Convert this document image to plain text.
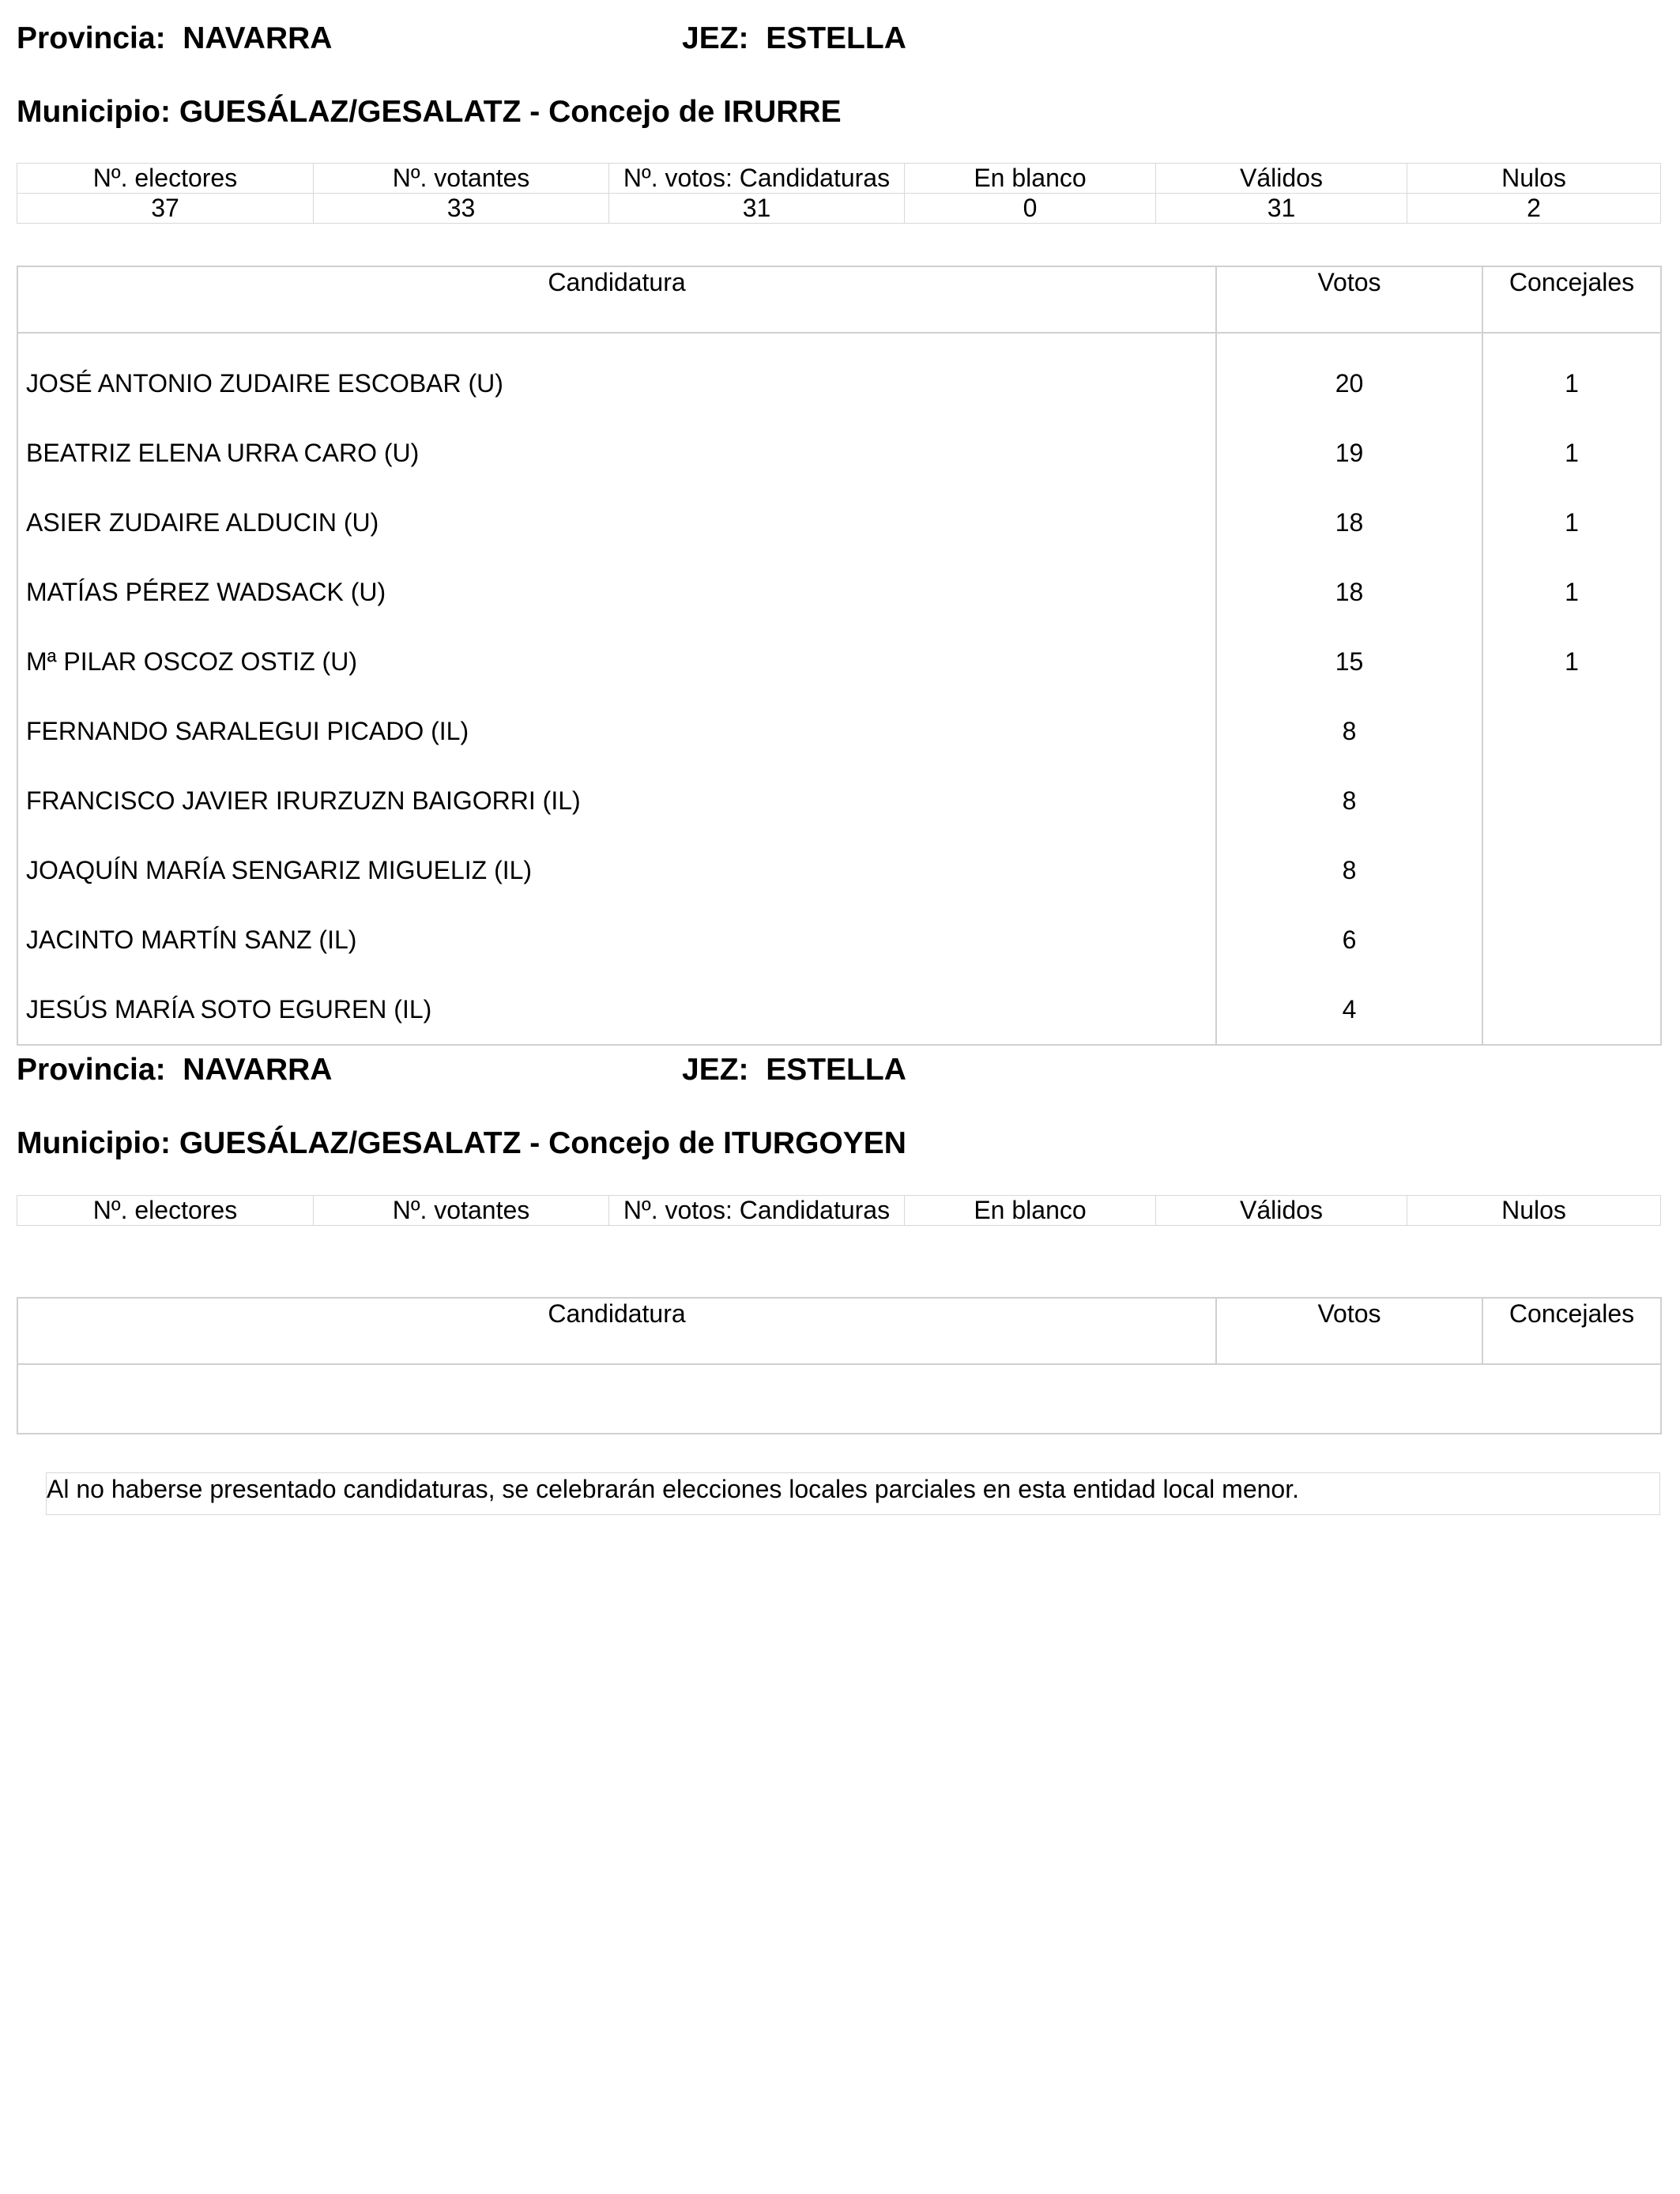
Provincia: NAVARRA	JEZ: ESTELLA
Municipio: GUESÁLAZ/GESALATZ - Concejo de IRURRE
Nº. electores	Nº. votantes	Nº. votos: Candidaturas	En blanco	Válidos	Nulos
37	33	31	0	31	2
Candidatura	Votos	Concejales
JOSÉ ANTONIO ZUDAIRE ESCOBAR (U)	20	1
BEATRIZ ELENA URRA CARO (U)	19	1
ASIER ZUDAIRE ALDUCIN (U)	18	1
MATÍAS PÉREZ WADSACK (U)	18	1
Mª PILAR OSCOZ OSTIZ (U)	15	1
FERNANDO SARALEGUI PICADO (IL)	8	
FRANCISCO JAVIER IRURZUZN BAIGORRI (IL)	8	
JOAQUÍN MARÍA SENGARIZ MIGUELIZ (IL)	8	
JACINTO MARTÍN SANZ (IL)	6	
JESÚS MARÍA SOTO EGUREN (IL)	4	
Provincia: NAVARRA	JEZ: ESTELLA
Municipio: GUESÁLAZ/GESALATZ - Concejo de ITURGOYEN
Nº. electores	Nº. votantes	Nº. votos: Candidaturas	En blanco	Válidos	Nulos
Candidatura	Votos	Concejales

Al no haberse presentado candidaturas, se celebrarán elecciones locales parciales en esta entidad local menor.
